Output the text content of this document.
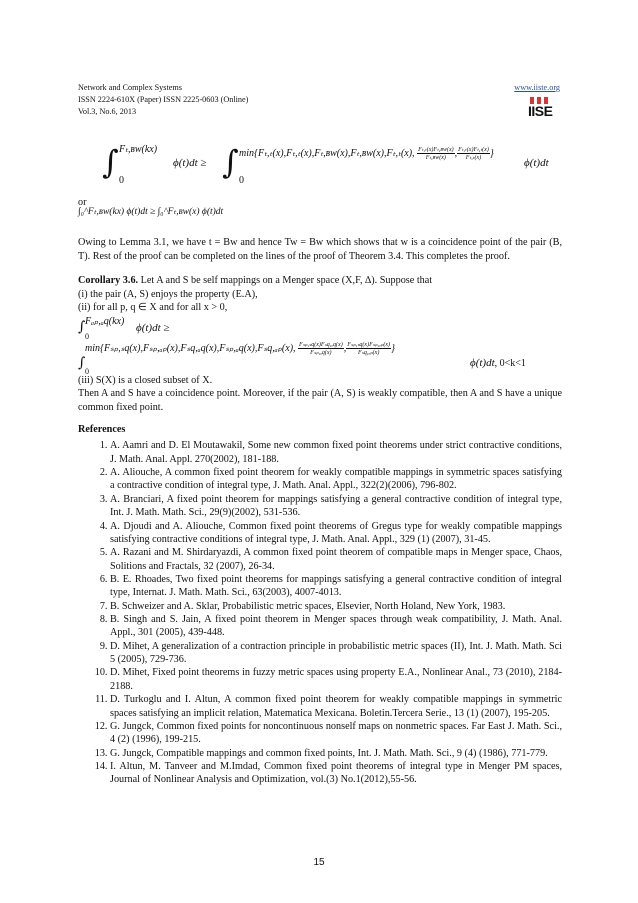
Network and Complex Systems
ISSN 2224-610X (Paper) ISSN 2225-0603 (Online)
Vol.3, No.6, 2013
www.iiste.org
IISE
∫ Fₜ,ʙw(kx)
0
ϕ(t)dt ≥ ∫ min{Fₜ,ₜ(x),Fₜ,ₜ(x),Fₜ,ʙw(x),Fₜ,ʙw(x),Fₜ,ₜ(x), $\frac{\text{Fₜ,ₜ(x)Fₜ,ʙw(x)}}{\text{Fₜ,ʙw(x)}}$ , $\frac{\text{Fₜ,ₜ(x)Fₜ,ₜ(x)}}{\text{Fₜ,ₜ(x)}}$ }
0
ϕ(t)dt
or
∫₀^Fₜ,ʙw(kx) ϕ(t)dt ≥ ∫₀^Fₜ,ʙw(x) ϕ(t)dt
Owing to Lemma 3.1, we have t = Bw and hence Tw = Bw which shows that w is a coincidence point of the pair (B, T). Rest of the proof can be completed on the lines of the proof of Theorem 3.4. This completes the proof.
Corollary 3.6. Let A and S be self mappings on a Menger space (X,F, ∆). Suppose that
(i) the pair (A, S) enjoys the property (E.A),
(ii) for all p, q ∈ X and for all x > 0,
∫ Fₐₚ,ₐq(kx)
0
ϕ(t)dt ≥
∫
min{Fₛₚ,ₛq(x),Fₛₚ,ₐₚ(x),Fₛq,ₐq(x),Fₛₚ,ₐq(x),Fₛq,ₐₚ(x), $\frac{\text{Fₛₚ,ₛq(x)Fₛq,ₐq(x)}}{\text{Fₛₚ,ₐq(x)}}$ , $\frac{\text{Fₛₚ,ₛq(x)Fₛₚ,ₐₚ(x)}}{\text{Fₛq,ₐₚ(x)}}$ }
0
ϕ(t)dt, 0<k<1
(iii) S(X) is a closed subset of X.
Then A and S have a coincidence point. Moreover, if the pair (A, S) is weakly compatible, then A and S have a unique common fixed point.
References
1. A. Aamri and D. El Moutawakil, Some new common fixed point theorems under strict contractive conditions, J. Math. Anal. Appl. 270(2002), 181-188.
2. A. Aliouche, A common fixed point theorem for weakly compatible mappings in symmetric spaces satisfying a contractive condition of integral type, J. Math. Anal. Appl., 322(2)(2006), 796-802.
3. A. Branciari, A fixed point theorem for mappings satisfying a general contractive condition of integral type, Int. J. Math. Math. Sci., 29(9)(2002), 531-536.
4. A. Djoudi and A. Aliouche, Common fixed point theorems of Gregus type for weakly compatible mappings satisfying contractive conditions of integral type, J. Math. Anal. Appl., 329 (1) (2007), 31-45.
5. A. Razani and M. Shirdaryazdi, A common fixed point theorem of compatible maps in Menger space, Chaos, Solitions and Fractals, 32 (2007), 26-34.
6. B. E. Rhoades, Two fixed point theorems for mappings satisfying a general contractive condition of integral type, Internat. J. Math. Math. Sci., 63(2003), 4007-4013.
7. B. Schweizer and A. Sklar, Probabilistic metric spaces, Elsevier, North Holand, New York, 1983.
8. B. Singh and S. Jain, A fixed point theorem in Menger spaces through weak compatibility, J. Math. Anal. Appl., 301 (2005), 439-448.
9. D. Mihet, A generalization of a contraction principle in probabilistic metric spaces (II), Int. J. Math. Math. Sci 5 (2005), 729-736.
10. D. Mihet, Fixed point theorems in fuzzy metric spaces using property E.A., Nonlinear Anal., 73 (2010), 2184-2188.
11. D. Turkoglu and I. Altun, A common fixed point theorem for weakly compatible mappings in symmetric spaces satisfying an implicit relation, Matematica Mexicana. Boletin.Tercera Serie., 13 (1) (2007), 195-205.
12. G. Jungck, Common fixed points for noncontinuous nonself maps on nonmetric spaces. Far East J. Math. Sci., 4 (2) (1996), 199-215.
13. G. Jungck, Compatible mappings and common fixed points, Int. J. Math. Math. Sci., 9 (4) (1986), 771-779.
14. I. Altun, M. Tanveer and M.Imdad, Common fixed point theorems of integral type in Menger PM spaces, Journal of Nonlinear Analysis and Optimization, vol.(3) No.1(2012),55-56.
15
